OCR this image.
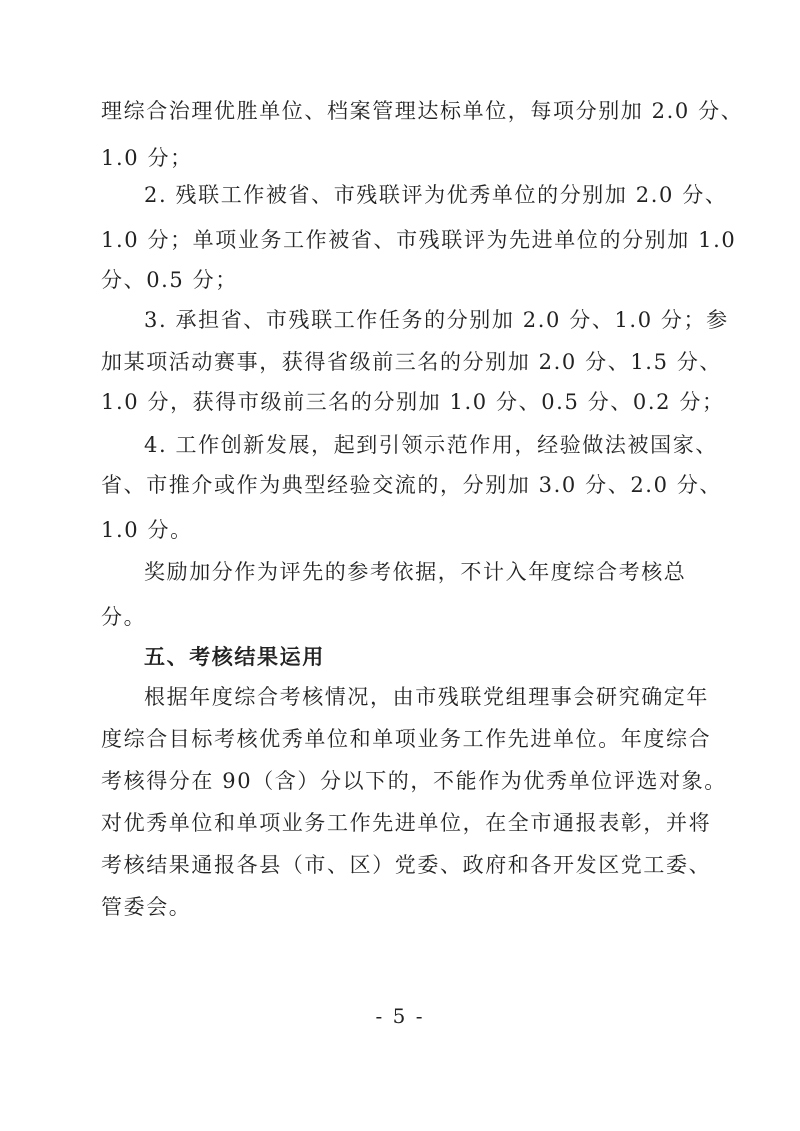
理综合治理优胜单位、档案管理达标单位，每项分别加 2.0 分、
1.0 分；
2. 残联工作被省、市残联评为优秀单位的分别加 2.0 分、
1.0 分；单项业务工作被省、市残联评为先进单位的分别加 1.0
分、0.5 分；
3. 承担省、市残联工作任务的分别加 2.0 分、1.0 分；参
加某项活动赛事，获得省级前三名的分别加 2.0 分、1.5 分、
1.0 分，获得市级前三名的分别加 1.0 分、0.5 分、0.2 分；
4. 工作创新发展，起到引领示范作用，经验做法被国家、
省、市推介或作为典型经验交流的，分别加 3.0 分、2.0 分、
1.0 分。
奖励加分作为评先的参考依据，不计入年度综合考核总
分。
五、考核结果运用
根据年度综合考核情况，由市残联党组理事会研究确定年
度综合目标考核优秀单位和单项业务工作先进单位。年度综合
考核得分在 90（含）分以下的，不能作为优秀单位评选对象。
对优秀单位和单项业务工作先进单位，在全市通报表彰，并将
考核结果通报各县（市、区）党委、政府和各开发区党工委、
管委会。
- 5 -
